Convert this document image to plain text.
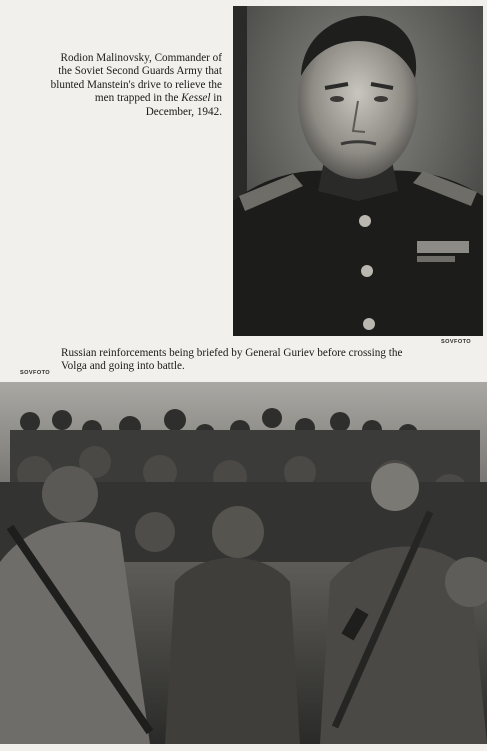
Rodion Malinovsky, Commander of the Soviet Second Guards Army that blunted Manstein's drive to relieve the men trapped in the Kessel in December, 1942.
SOVFOTO
Russian reinforcements being briefed by General Guriev before crossing the Volga and going into battle.
SOVFOTO
